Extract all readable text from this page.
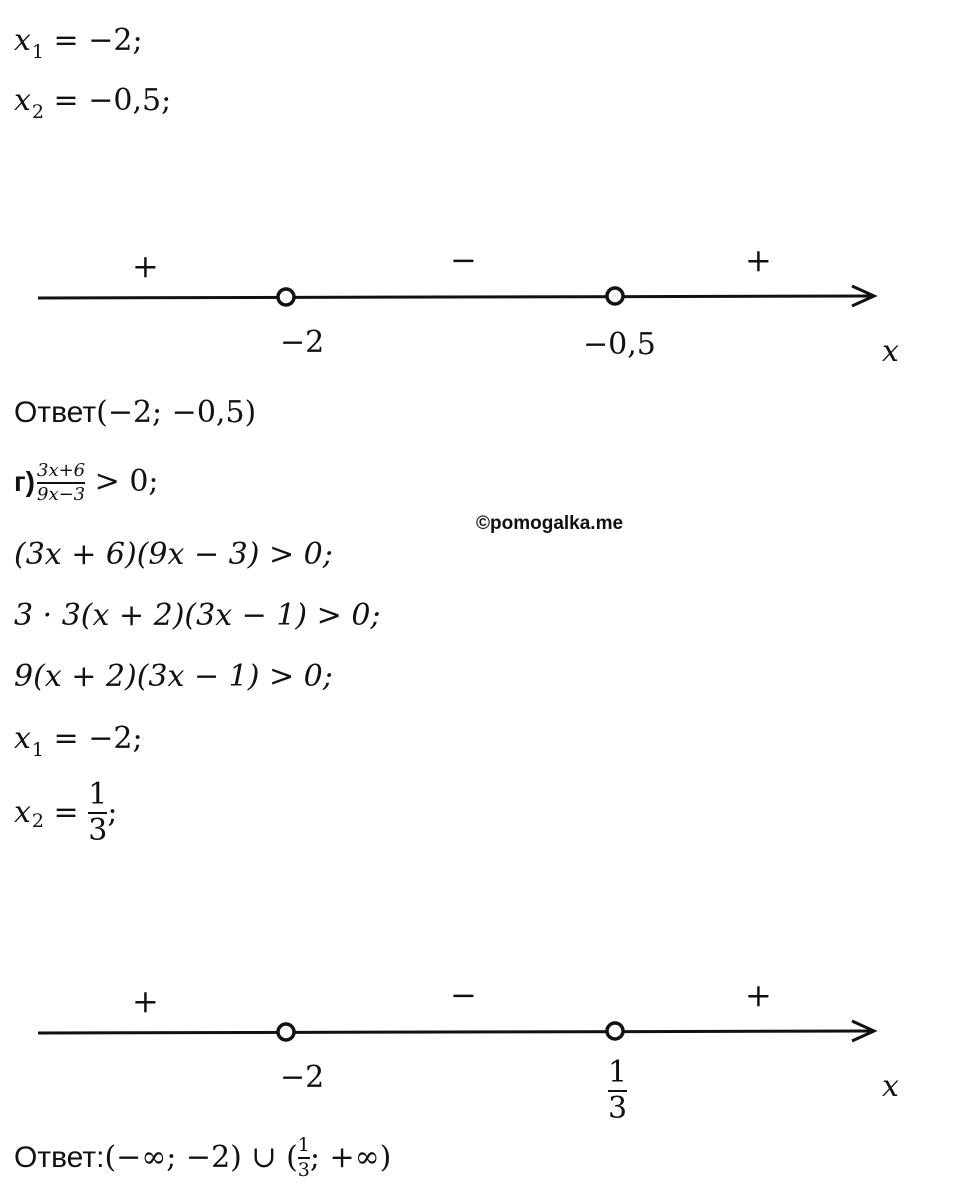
$x_1 = -2$;
$x_2 = -0,5$;
+	−	+
−2	−0,5	x
Ответ(−2; −0,5)
$г) \frac{3x+6}{9x-3} > 0$;
©pomogalka.me
(3x + 6)(9x − 3) > 0;
3 · 3(x + 2)(3x − 1) > 0;
9(x + 2)(3x − 1) > 0;
$x_1 = -2$;
x $2 = \frac{1}{3}$ ;
+	−	+
−2	$\frac{1}{3}$	x
Ответ: (−∞; −2) ∪ ( $\frac{1}{3}$ ; +∞)
